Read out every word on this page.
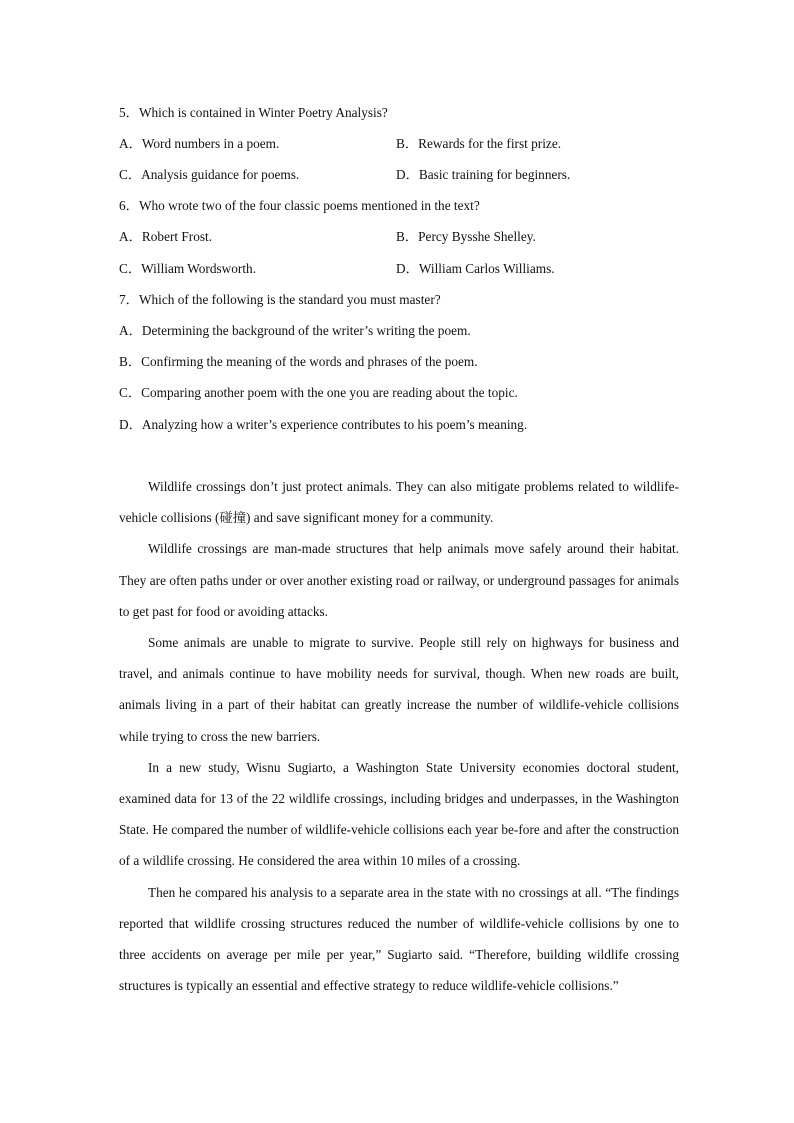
5．Which is contained in Winter Poetry Analysis?
A．Word numbers in a poem.	B．Rewards for the first prize.
C．Analysis guidance for poems.	D．Basic training for beginners.
6．Who wrote two of the four classic poems mentioned in the text?
A．Robert Frost.	B．Percy Bysshe Shelley.
C．William Wordsworth.	D．William Carlos Williams.
7．Which of the following is the standard you must master?
A．Determining the background of the writer’s writing the poem.
B．Confirming the meaning of the words and phrases of the poem.
C．Comparing another poem with the one you are reading about the topic.
D．Analyzing how a writer’s experience contributes to his poem’s meaning.

Wildlife crossings don’t just protect animals. They can also mitigate problems related to wildlife-vehicle collisions (碰撞) and save significant money for a community.

Wildlife crossings are man-made structures that help animals move safely around their habitat. They are often paths under or over another existing road or railway, or underground passages for animals to get past for food or avoiding attacks.

Some animals are unable to migrate to survive. People still rely on highways for business and travel, and animals continue to have mobility needs for survival, though. When new roads are built, animals living in a part of their habitat can greatly increase the number of wildlife-vehicle collisions while trying to cross the new barriers.

In a new study, Wisnu Sugiarto, a Washington State University economies doctoral student, examined data for 13 of the 22 wildlife crossings, including bridges and underpasses, in the Washington State. He compared the number of wildlife-vehicle collisions each year be-fore and after the construction of a wildlife crossing. He considered the area within 10 miles of a crossing.

Then he compared his analysis to a separate area in the state with no crossings at all. “The findings reported that wildlife crossing structures reduced the number of wildlife-vehicle collisions by one to three accidents on average per mile per year,” Sugiarto said. “Therefore, building wildlife crossing structures is typically an essential and effective strategy to reduce wildlife-vehicle collisions.”
